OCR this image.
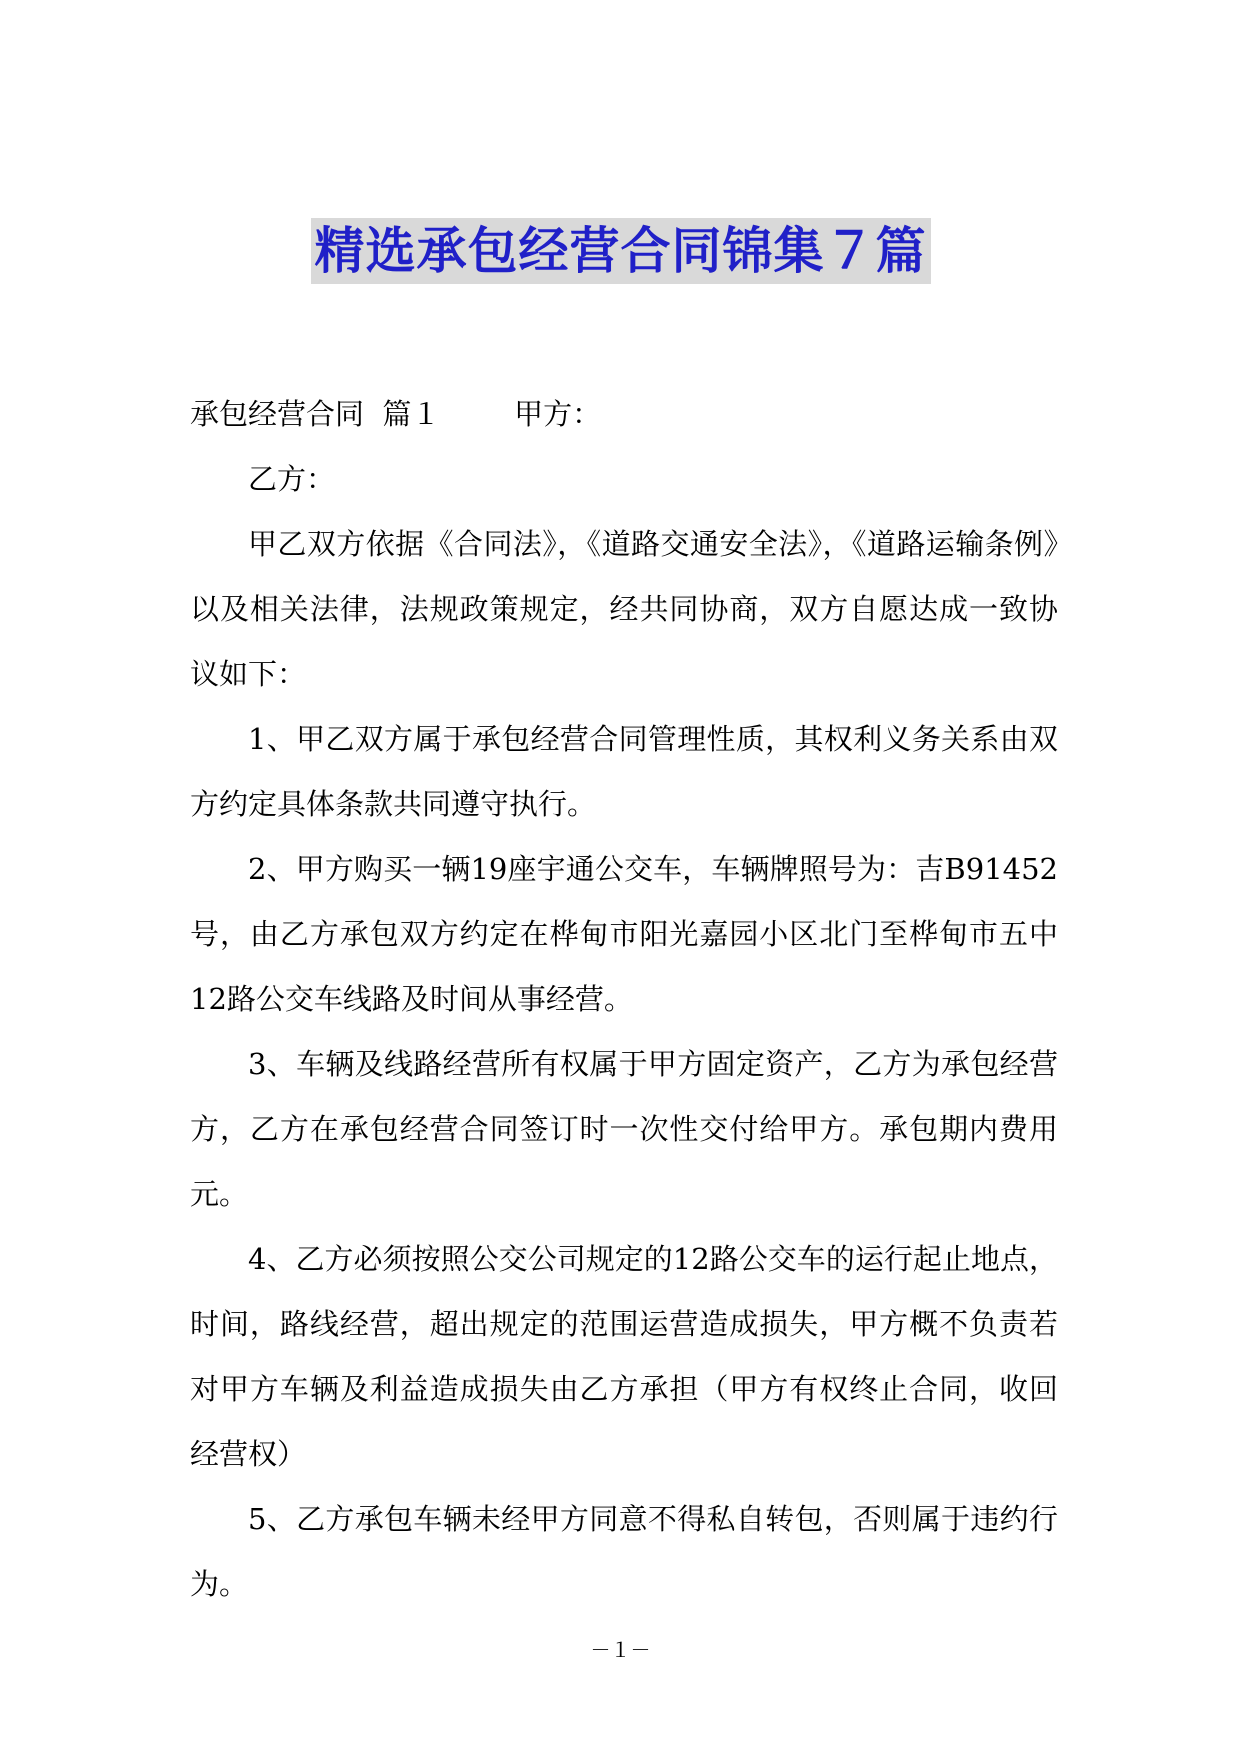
精选承包经营合同锦集７篇

承包经营合同  篇１        甲方：

乙方：

甲乙双方依据《合同法》，《道路交通安全法》，《道路运输条例》以及相关法律，法规政策规定，经共同协商，双方自愿达成一致协议如下：

1、甲乙双方属于承包经营合同管理性质，其权利义务关系由双方约定具体条款共同遵守执行。

2、甲方购买一辆19座宇通公交车，车辆牌照号为：吉B91452号，由乙方承包双方约定在桦甸市阳光嘉园小区北门至桦甸市五中12路公交车线路及时间从事经营。

3、车辆及线路经营所有权属于甲方固定资产，乙方为承包经营方，乙方在承包经营合同签订时一次性交付给甲方。承包期内费用元。

4、乙方必须按照公交公司规定的12路公交车的运行起止地点，时间，路线经营，超出规定的范围运营造成损失，甲方概不负责若对甲方车辆及利益造成损失由乙方承担（甲方有权终止合同，收回经营权）

5、乙方承包车辆未经甲方同意不得私自转包，否则属于违约行为。

－１－
